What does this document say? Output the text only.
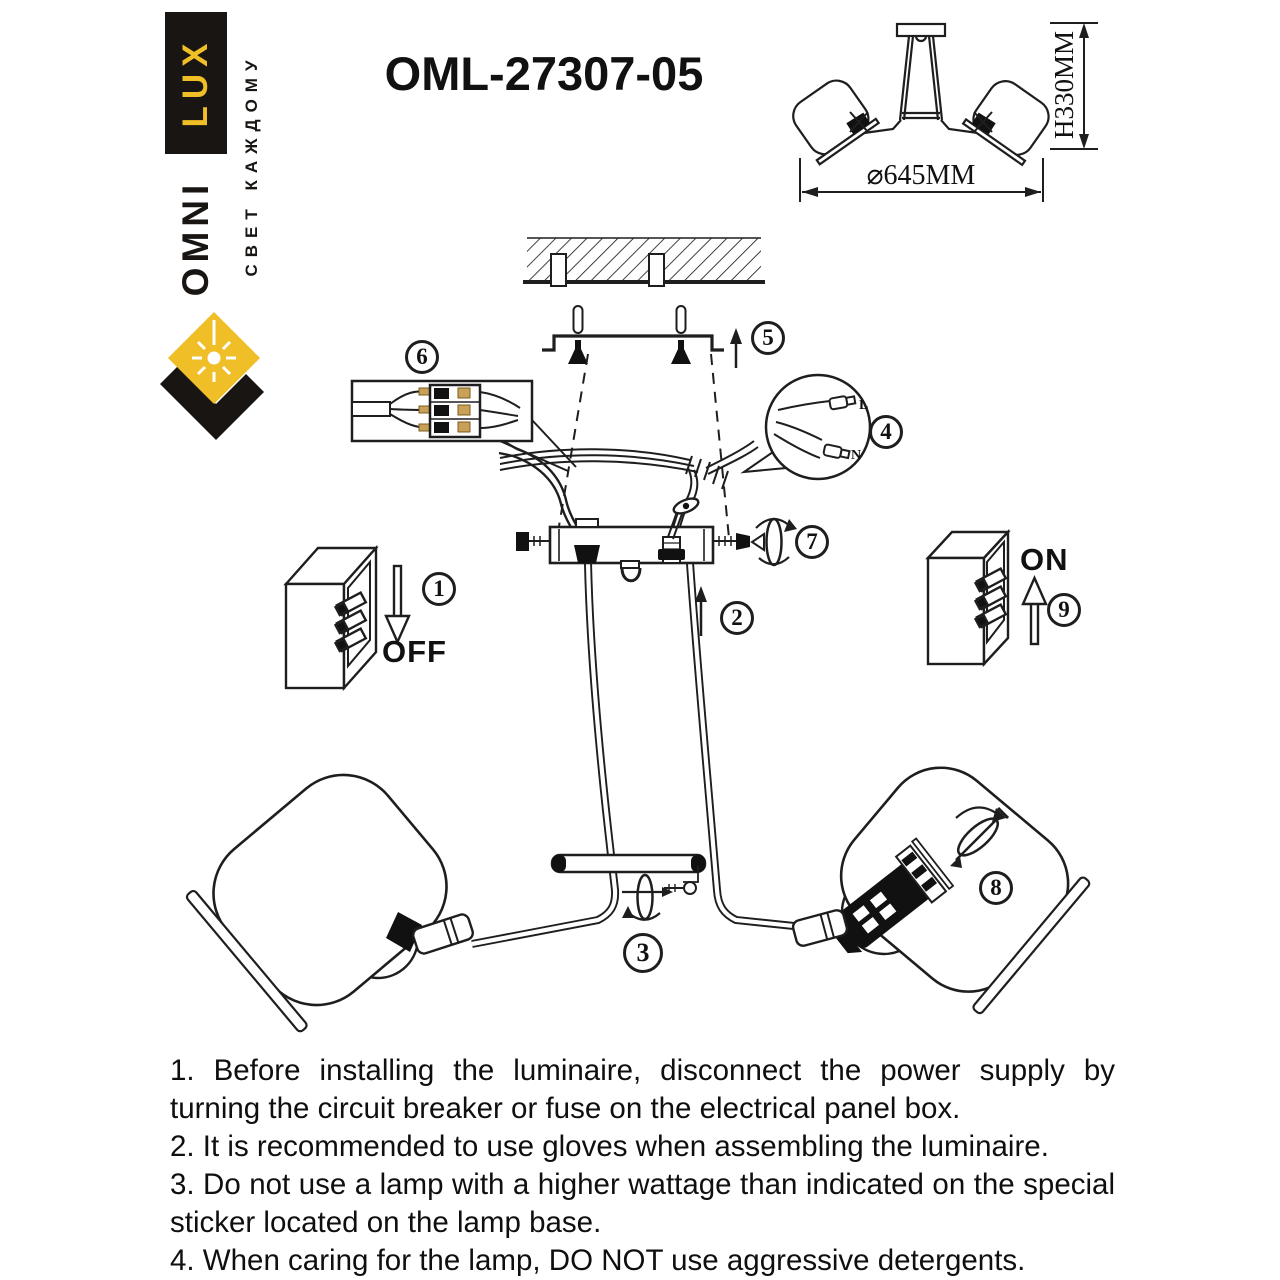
LUX
OMNI СВЕТ КАЖДОМУ	OML-27307-05	H330MM
⌀645MM
OFF
ON
L
N
1
2
3
4
5
6
7
8
9

1. Before installing the luminaire, disconnect the power supply by turning the circuit breaker or fuse on the electrical panel box.

2. It is recommended to use gloves when assembling the luminaire.

3. Do not use a lamp with a higher wattage than indicated on the special sticker located on the lamp base.

4. When caring for the lamp, DO NOT use aggressive detergents.
